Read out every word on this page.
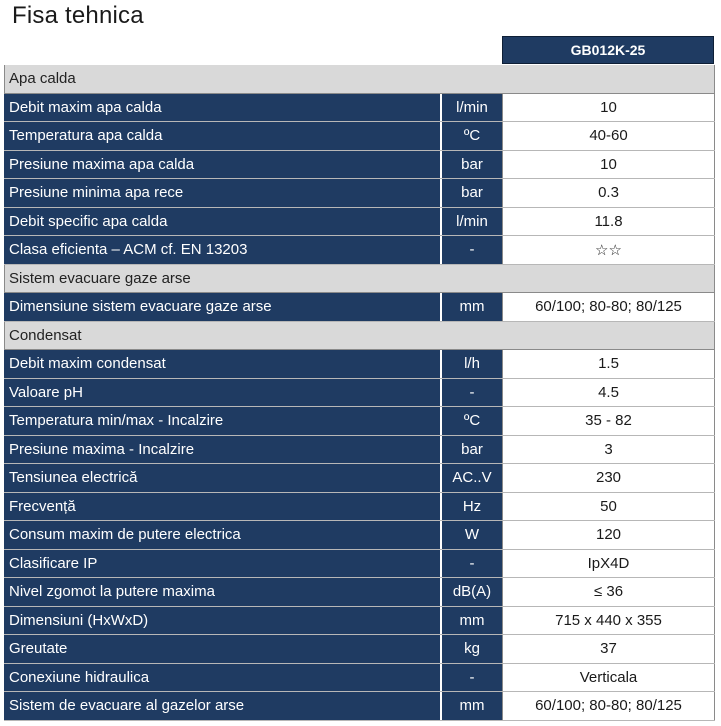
Fisa tehnica
GB012K-25
Apa calda
Debit maxim apa calda	l/min	10
Temperatura apa calda	ºC	40-60
Presiune maxima apa calda	bar	10
Presiune minima apa rece	bar	0.3
Debit specific apa calda	l/min	11.8
Clasa eficienta – ACM cf. EN 13203	-	☆☆
Sistem evacuare gaze arse
Dimensiune sistem evacuare gaze arse	mm	60/100; 80-80; 80/125
Condensat
Debit maxim condensat	l/h	1.5
Valoare pH	-	4.5
Temperatura min/max - Incalzire	ºC	35 - 82
Presiune maxima - Incalzire	bar	3
Tensiunea electrică	AC..V	230
Frecvență	Hz	50
Consum maxim de putere electrica	W	120
Clasificare IP	-	IpX4D
Nivel zgomot la putere maxima	dB(A)	≤ 36
Dimensiuni (HxWxD)	mm	715 x 440 x 355
Greutate	kg	37
Conexiune hidraulica	-	Verticala
Sistem de evacuare al gazelor arse	mm	60/100; 80-80; 80/125
